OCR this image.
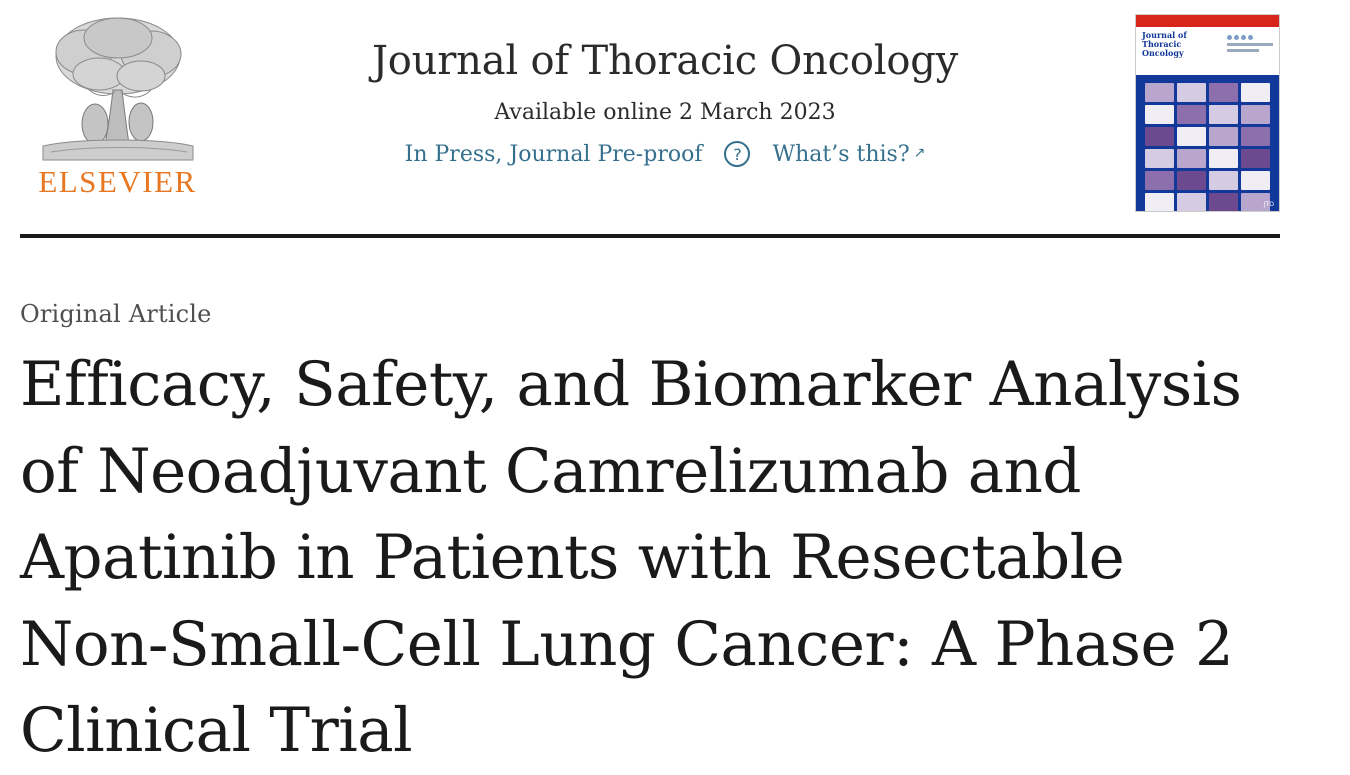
ELSEVIER
Journal of Thoracic Oncology
Available online 2 March 2023
In Press, Journal Pre-proof	?	What’s this? ↗
Journal of
Thoracic
Oncology
JTO
Original Article
Efficacy, Safety, and Biomarker Analysis of Neoadjuvant Camrelizumab and Apatinib in Patients with Resectable Non-Small-Cell Lung Cancer: A Phase 2 Clinical Trial
